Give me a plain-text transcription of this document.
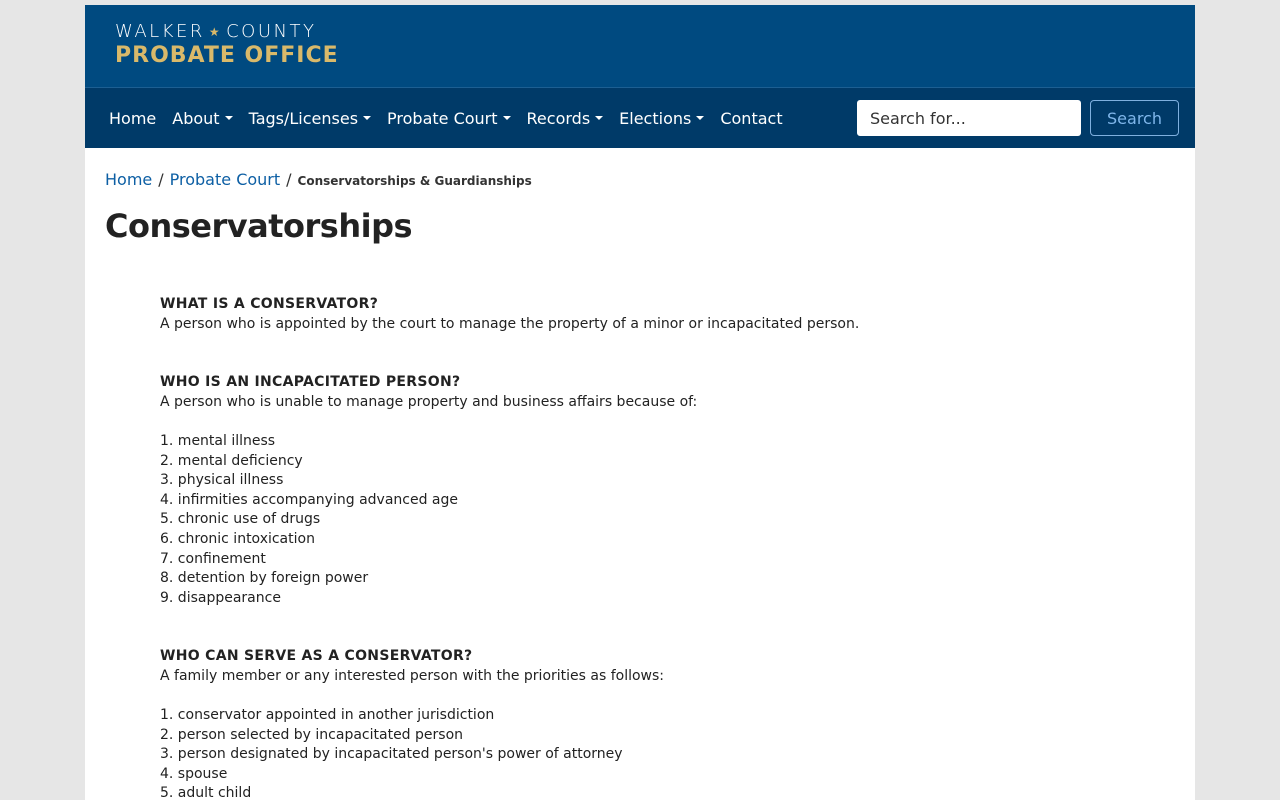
WALKER ★ COUNTY
PROBATE OFFICE
Home About Tags/Licenses Probate Court Records Elections Contact
Search for...	Search
Home / Probate Court / Conservatorships & Guardianships
Conservatorships
WHAT IS A CONSERVATOR?
A person who is appointed by the court to manage the property of a minor or incapacitated person.
WHO IS AN INCAPACITATED PERSON?
A person who is unable to manage property and business affairs because of:
1. mental illness
2. mental deficiency
3. physical illness
4. infirmities accompanying advanced age
5. chronic use of drugs
6. chronic intoxication
7. confinement
8. detention by foreign power
9. disappearance
WHO CAN SERVE AS A CONSERVATOR?
A family member or any interested person with the priorities as follows:
1. conservator appointed in another jurisdiction
2. person selected by incapacitated person
3. person designated by incapacitated person's power of attorney
4. spouse
5. adult child
